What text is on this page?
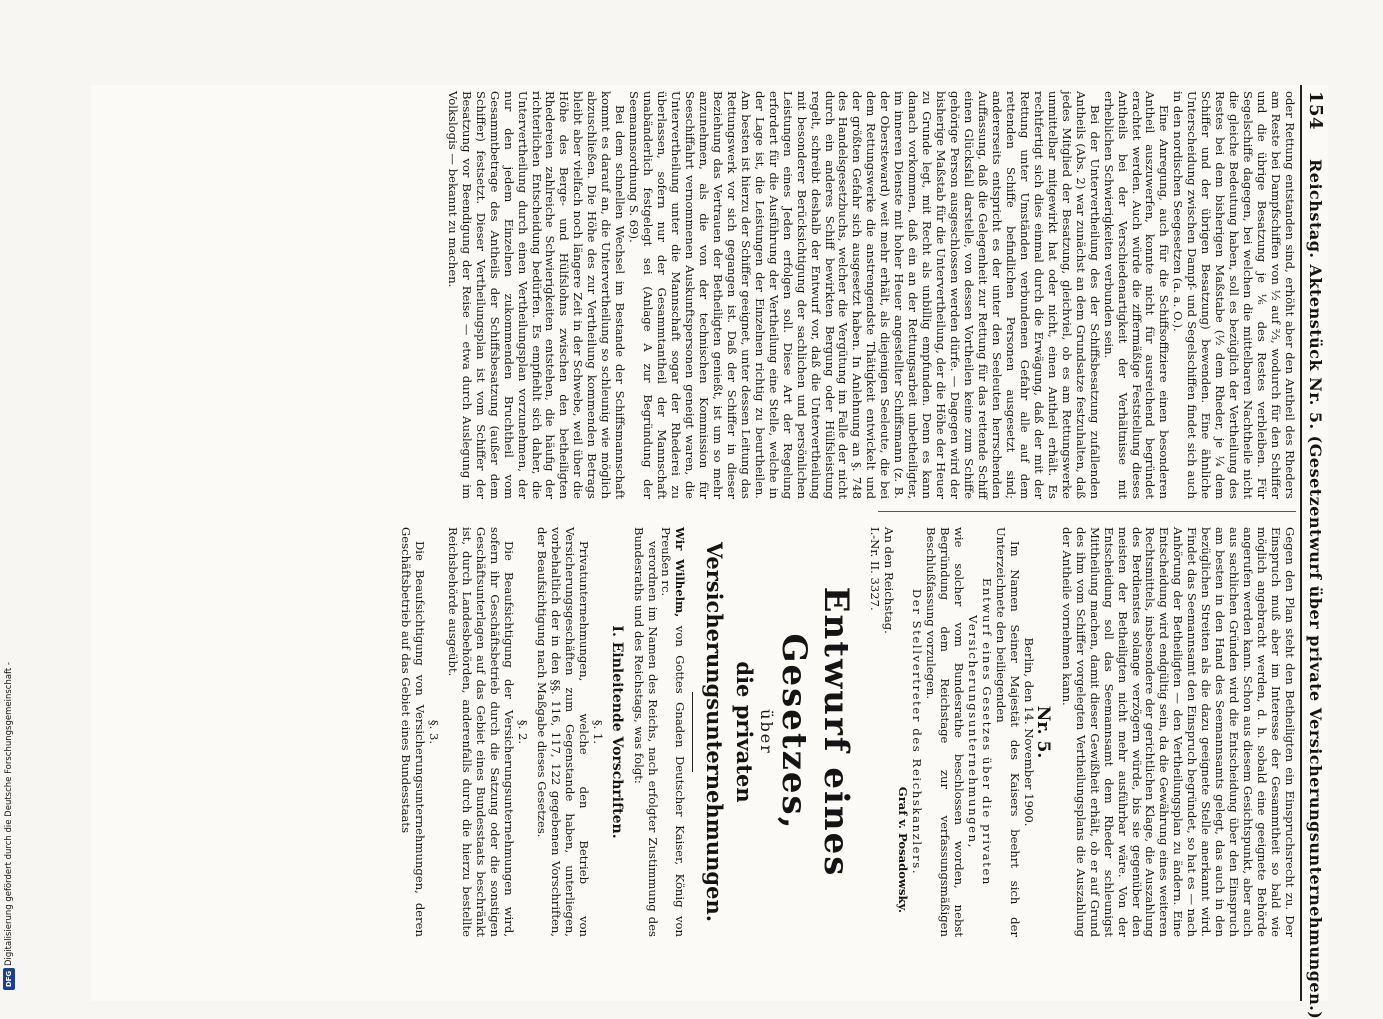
154
Reichstag. Aktenstück Nr. 5. (Gesetzentwurf über private Versicherungsunternehmungen.)

oder Rettung entstanden sind, erhöht aber den Antheil des Rheders am Reste bei Dampfschiffen von ½ auf ⅔, wodurch für den Schiffer und die übrige Besatzung je ⅙ des Restes verbleiben. Für Segelschiffe dagegen, bei welchen die mittelbaren Nachtheile nicht die gleiche Bedeutung haben, soll es bezüglich der Vertheilung des Restes bei dem bisherigen Maßstabe (½ dem Rheder, je ¼ dem Schiffer und der übrigen Besatzung) bewenden. Eine ähnliche Unterscheidung zwischen Dampf- und Segelschiffen findet sich auch in den nordischen Seegesetzen (a. a. O.).

Eine Anregung, auch für die Schiffsoffiziere einen besonderen Antheil auszuwerfen, konnte nicht für ausreichend begründet erachtet werden. Auch würde die ziffermäßige Feststellung dieses Antheils bei der Verschiedenartigkeit der Verhältnisse mit erheblichen Schwierigkeiten verbunden sein.

Bei der Untervertheilung des der Schiffsbesatzung zufallenden Antheils (Abs. 2) war zunächst an dem Grundsatze festzuhalten, daß jedes Mitglied der Besatzung, gleichviel, ob es am Rettungswerke unmittelbar mitgewirkt hat oder nicht, einen Antheil erhält. Es rechtfertigt sich dies einmal durch die Erwägung, daß der mit der Rettung unter Umständen verbundenen Gefahr alle auf dem rettenden Schiffe befindlichen Personen ausgesetzt sind; andererseits entspricht es der unter den Seeleuten herrschenden Auffassung, daß die Gelegenheit zur Rettung für das rettende Schiff einen Glücksfall darstelle, von dessen Vortheilen keine zum Schiffe gehörige Person ausgeschlossen werden dürfe. — Dagegen wird der bisherige Maßstab für die Untervertheilung, der die Höhe der Heuer zu Grunde legt, mit Recht als unbillig empfunden. Denn es kann danach vorkommen, daß ein an der Rettungsarbeit unbetheiligter, im inneren Dienste mit hoher Heuer angestellter Schiffsmann (z. B. der Obersteward) weit mehr erhält, als diejenigen Seeleute, die bei dem Rettungswerke die anstrengendste Thätigkeit entwickelt und der größten Gefahr sich ausgesetzt haben. In Anlehnung an §. 748 des Handelsgesetzbuchs, welcher die Vergütung im Falle der nicht durch ein anderes Schiff bewirkten Bergung oder Hülfsleistung regelt, schreibt deshalb der Entwurf vor, daß die Untervertheilung mit besonderer Berücksichtigung der sachlichen und persönlichen Leistungen eines Jeden erfolgen soll. Diese Art der Regelung erfordert für die Ausführung der Vertheilung eine Stelle, welche in der Lage ist, die Leistungen der Einzelnen richtig zu beurtheilen. Am besten ist hierzu der Schiffer geeignet, unter dessen Leitung das Rettungswerk vor sich gegangen ist. Daß der Schiffer in dieser Beziehung das Vertrauen der Betheiligten genießt, ist um so mehr anzunehmen, als die von der technischen Kommission für Seeschiffahrt vernommenen Auskunftspersonen geneigt waren, die Untervertheilung unter die Mannschaft sogar der Rhederei zu überlassen, sofern nur der Gesammtantheil der Mannschaft unabänderlich festgelegt sei (Anlage A zur Begründung der Seemannsordnung S. 69).

Bei dem schnellen Wechsel im Bestande der Schiffsmannschaft kommt es darauf an, die Untervertheilung so schleunig wie möglich abzuschließen. Die Höhe des zur Vertheilung kommenden Betrags bleibt aber vielfach noch längere Zeit in der Schwebe, weil über die Höhe des Berge- und Hülfslohns zwischen den betheiligten Rhedereien zahlreiche Schwierigkeiten entstehen, die häufig der richterlichen Entscheidung bedürfen. Es empfiehlt sich daher, die Untervertheilung durch einen Vertheilungsplan vorzunehmen, der nur den jedem Einzelnen zukommenden Bruchtheil vom Gesammtbetrage des Antheils der Schiffsbesatzung (außer dem Schiffer) festsetzt. Dieser Vertheilungsplan ist vom Schiffer der Besatzung vor Beendigung der Reise — etwa durch Auslegung im Volkslogis — bekannt zu machen.

Gegen den Plan steht den Betheiligten ein Einspruchsrecht zu. Der Einspruch muß aber im Interesse der Gesammtheit so bald wie möglich angebracht werden, d. h. sobald eine geeignete Behörde angerufen werden kann. Schon aus diesem Gesichtspunkt, aber auch aus sachlichen Gründen wird die Entscheidung über den Einspruch am besten in den Hand des Seemannsamts gelegt, das auch in den bezüglichen Streiten als die dazu geeignete Stelle anerkannt wird. Findet das Seemannsamt den Einspruch begründet, so hat es — nach Anhörung der Betheiligten — den Vertheilungsplan zu ändern. Eine Entscheidung wird endgültig sein, da die Gewährung eines weiteren Rechtsmittels, insbesondere der gerichtlichen Klage, die Auszahlung des Berdienstes solange verzögern würde, bis sie gegenüber den meisten der Betheiligten nicht mehr ausführbar wäre. Von der Entscheidung soll das Seemannsamt dem Rheder schleunigst Mittheilung machen, damit dieser Gewißheit erhält, ob er auf Grund des ihm vom Schiffer vorgelegten Vertheilungsplans die Auszahlung der Antheile vornehmen kann.

Nr. 5.

Berlin, den 14. November 1900.

Im Namen Seiner Majestät des Kaisers beehrt sich der Unterzeichnete den beiliegenden

Entwurf eines Gesetzes über die privaten Versicherungsunternehmungen,

wie solcher vom Bundesrathe beschlossen worden, nebst Begründung dem Reichstage zur verfassungsmäßigen Beschlußfassung vorzulegen.

Der Stellvertreter des Reichskanzlers.

Graf v. Posadowsky.

An den Reichstag.

I.-Nr. II. 3327.

Entwurf eines Gesetzes,

über

die privaten Versicherungsunternehmungen.

Wir Wilhelm, von Gottes Gnaden Deutscher Kaiser, König von Preußen rc.

verordnen im Namen des Reichs, nach erfolgter Zustimmung des Bundesraths und des Reichstags, was folgt:

I. Einleitende Vorschriften.

§. 1.

Privatunternehmungen, welche den Betrieb von Versicherungsgeschäften zum Gegenstande haben, unterliegen, vorbehaltlich der in den §§. 116, 117, 122 gegebenen Vorschriften, der Beaufsichtigung nach Maßgabe dieses Gesetzes.

§. 2.

Die Beaufsichtigung der Versicherungsunternehmungen wird, sofern ihr Geschäftsbetrieb durch die Satzung oder die sonstigen Geschäftsunterlagen auf das Gebiet eines Bundesstaats beschränkt ist, durch Landesbehörden, anderenfalls durch die hierzu bestellte Reichsbehörde ausgeübt.

§. 3.

Die Beaufsichtigung von Versicherungsunternehmungen, deren Geschäftsbetrieb auf das Gebiet eines Bundesstaats

Digitalisierung gefördert durch die Deutsche Forschungsgemeinschaft -
DFG
